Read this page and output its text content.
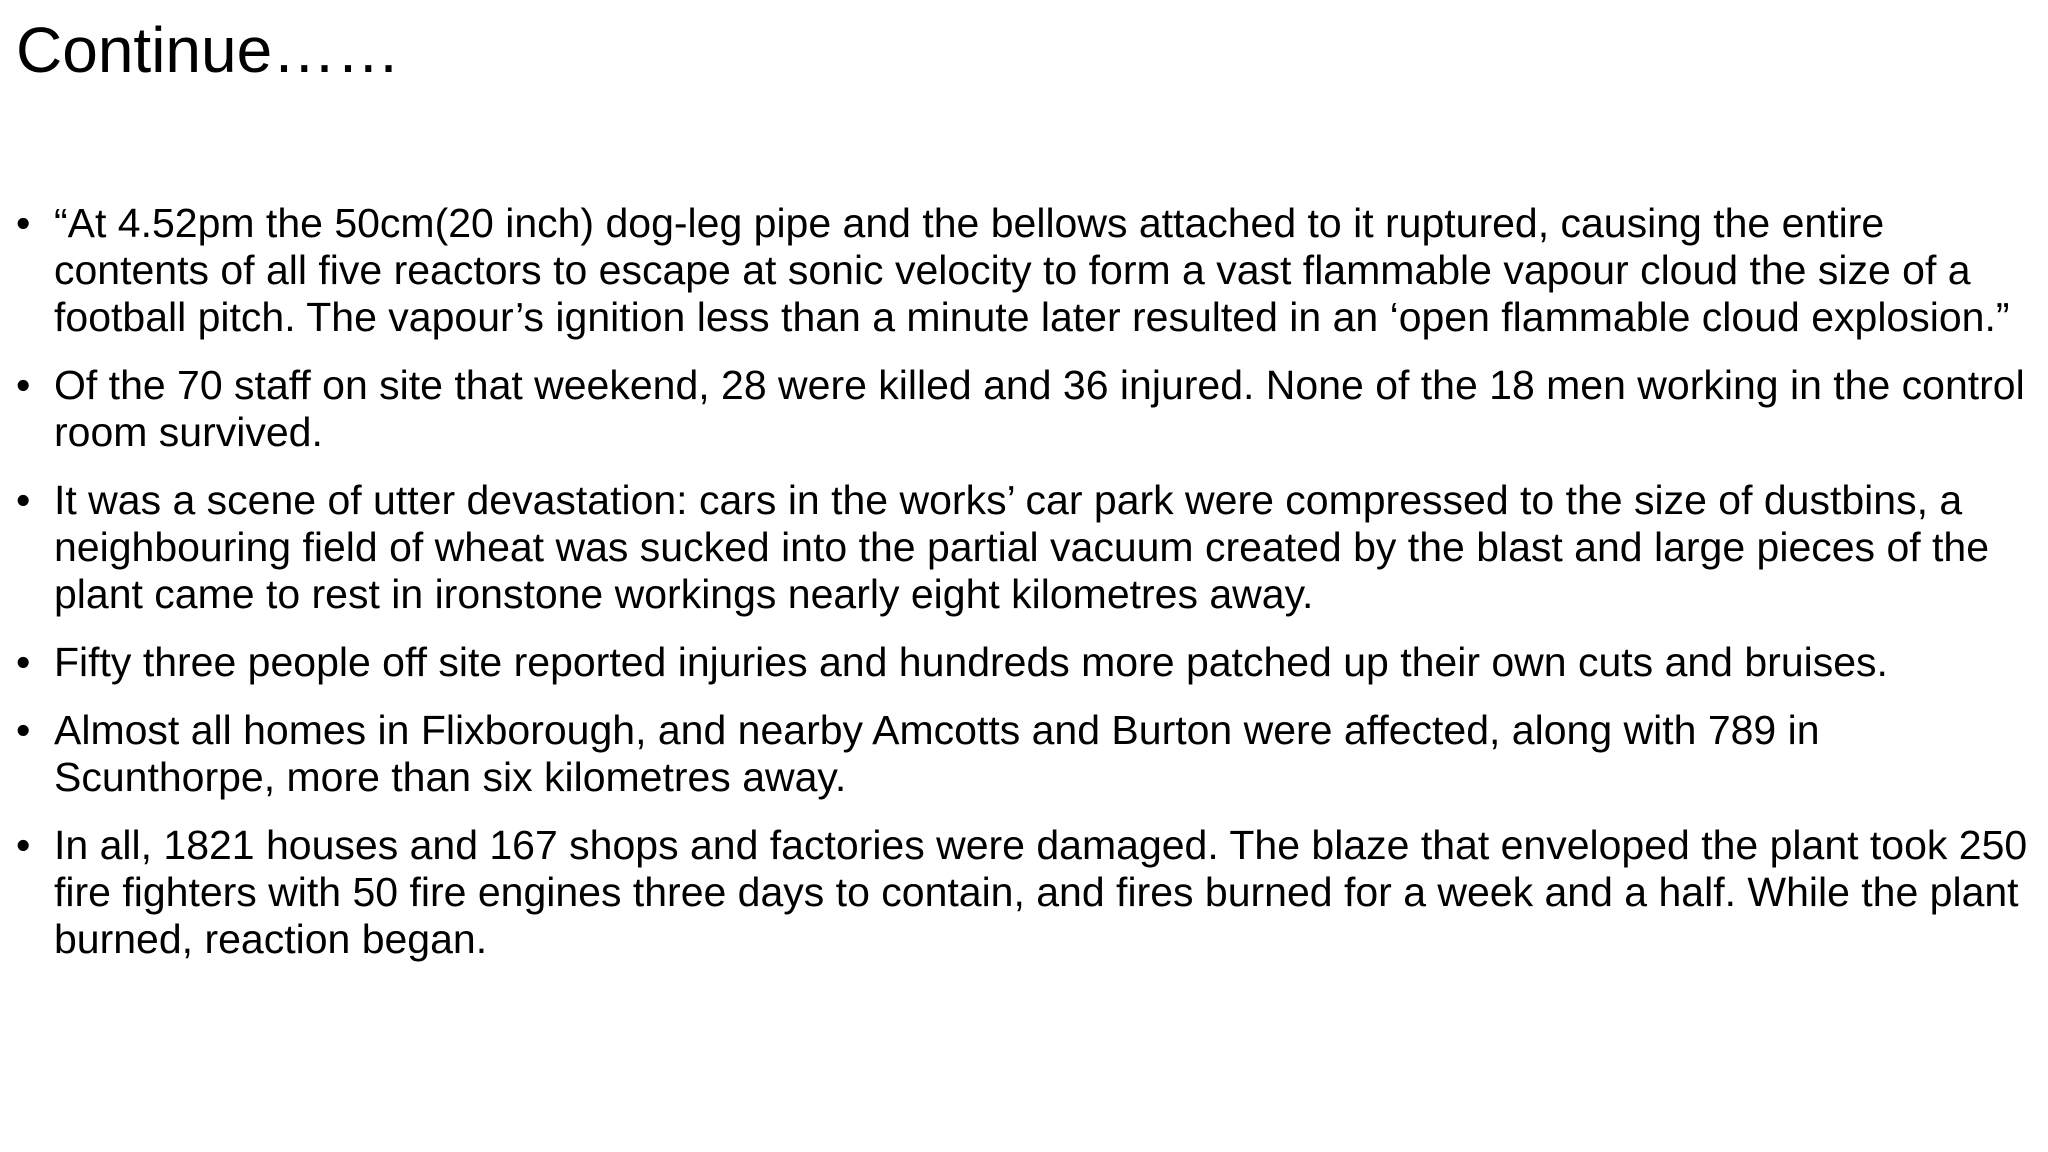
Continue……
• “At 4.52pm the 50cm(20 inch) dog-leg pipe and the bellows attached to it ruptured, causing the entire contents of all five reactors to escape at sonic velocity to form a vast flammable vapour cloud the size of a football pitch. The vapour’s ignition less than a minute later resulted in an ‘open flammable cloud explosion.”
• Of the 70 staff on site that weekend, 28 were killed and 36 injured. None of the 18 men working in the control room survived.
• It was a scene of utter devastation: cars in the works’ car park were compressed to the size of dustbins, a neighbouring field of wheat was sucked into the partial vacuum created by the blast and large pieces of the plant came to rest in ironstone workings nearly eight kilometres away.
• Fifty three people off site reported injuries and hundreds more patched up their own cuts and bruises.
• Almost all homes in Flixborough, and nearby Amcotts and Burton were affected, along with 789 in Scunthorpe, more than six kilometres away.
• In all, 1821 houses and 167 shops and factories were damaged. The blaze that enveloped the plant took 250 fire fighters with 50 fire engines three days to contain, and fires burned for a week and a half. While the plant burned, reaction began.
